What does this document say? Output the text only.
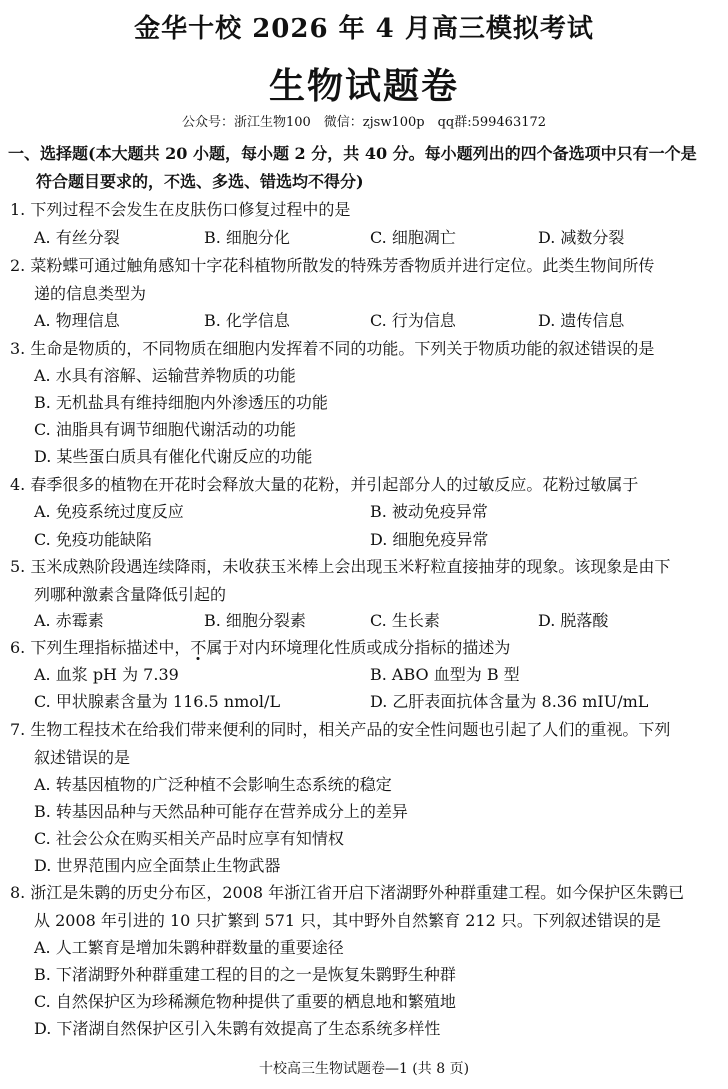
金华十校 2026 年 4 月高三模拟考试
生物试题卷
公众号：浙江生物100　微信：zjsw100p　qq群:599463172
一、选择题(本大题共 20 小题，每小题 2 分，共 40 分。每小题列出的四个备选项中只有一个是
符合题目要求的，不选、多选、错选均不得分)
1. 下列过程不会发生在皮肤伤口修复过程中的是
A. 有丝分裂	B. 细胞分化	C. 细胞凋亡	D. 减数分裂
2. 菜粉蝶可通过触角感知十字花科植物所散发的特殊芳香物质并进行定位。此类生物间所传
递的信息类型为
A. 物理信息	B. 化学信息	C. 行为信息	D. 遗传信息
3. 生命是物质的，不同物质在细胞内发挥着不同的功能。下列关于物质功能的叙述错误的是
A. 水具有溶解、运输营养物质的功能
B. 无机盐具有维持细胞内外渗透压的功能
C. 油脂具有调节细胞代谢活动的功能
D. 某些蛋白质具有催化代谢反应的功能
4. 春季很多的植物在开花时会释放大量的花粉，并引起部分人的过敏反应。花粉过敏属于
A. 免疫系统过度反应	B. 被动免疫异常
C. 免疫功能缺陷	D. 细胞免疫异常
5. 玉米成熟阶段遇连续降雨，未收获玉米棒上会出现玉米籽粒直接抽芽的现象。该现象是由下
列哪种激素含量降低引起的
A. 赤霉素	B. 细胞分裂素	C. 生长素	D. 脱落酸
6. 下列生理指标描述中，不属于对内环境理化性质或成分指标的描述为
A. 血浆 pH 为 7.39	B. ABO 血型为 B 型
C. 甲状腺素含量为 116.5 nmol/L	D. 乙肝表面抗体含量为 8.36 mIU/mL
7. 生物工程技术在给我们带来便利的同时，相关产品的安全性问题也引起了人们的重视。下列
叙述错误的是
A. 转基因植物的广泛种植不会影响生态系统的稳定
B. 转基因品种与天然品种可能存在营养成分上的差异
C. 社会公众在购买相关产品时应享有知情权
D. 世界范围内应全面禁止生物武器
8. 浙江是朱鹮的历史分布区，2008 年浙江省开启下渚湖野外种群重建工程。如今保护区朱鹮已
从 2008 年引进的 10 只扩繁到 571 只，其中野外自然繁育 212 只。下列叙述错误的是
A. 人工繁育是增加朱鹮种群数量的重要途径
B. 下渚湖野外种群重建工程的目的之一是恢复朱鹮野生种群
C. 自然保护区为珍稀濒危物种提供了重要的栖息地和繁殖地
D. 下渚湖自然保护区引入朱鹮有效提高了生态系统多样性
十校高三生物试题卷—1 (共 8 页)
